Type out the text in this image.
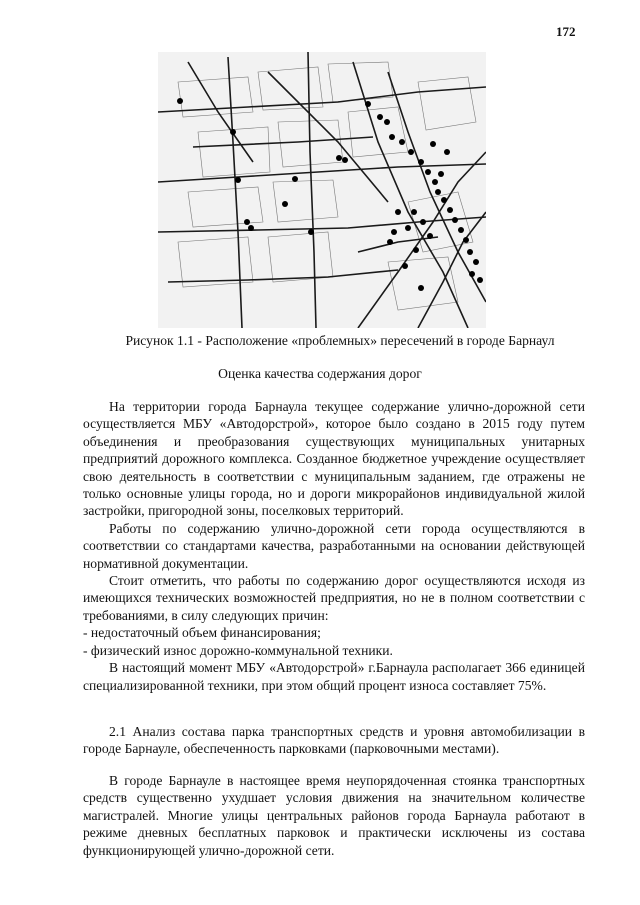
172
Рисунок 1.1 - Расположение «проблемных» пересечений в городе Барнаул
Оценка качества содержания дорог

На территории города Барнаула текущее содержание улично-дорожной сети осуществляется МБУ «Автодорстрой», которое было создано в 2015 году путем объединения и преобразования существующих муниципальных унитарных предприятий дорожного комплекса. Созданное бюджетное учреждение осуществляет свою деятельность в соответствии с муниципальным заданием, где отражены не только основные улицы города, но и дороги микрорайонов индивидуальной жилой застройки, пригородной зоны, поселковых территорий.

Работы по содержанию улично-дорожной сети города осуществляются в соответствии со стандартами качества, разработанными на основании действующей нормативной документации.

Стоит отметить, что работы по содержанию дорог осуществляются исходя из имеющихся технических возможностей предприятия, но не в полном соответствии с требованиями, в силу следующих причин:

- недостаточный объем финансирования;

- физический износ дорожно-коммунальной техники.

В настоящий момент МБУ «Автодорстрой» г.Барнаула располагает 366 единицей специализированной техники, при этом общий процент износа составляет 75%.

2.1 Анализ состава парка транспортных средств и уровня автомобилизации в городе Барнауле, обеспеченность парковками (парковочными местами).

В городе Барнауле в настоящее время неупорядоченная стоянка транспортных средств существенно ухудшает условия движения на значительном количестве магистралей. Многие улицы центральных районов города Барнаула работают в режиме дневных бесплатных парковок и практически исключены из состава функционирующей улично-дорожной сети.
